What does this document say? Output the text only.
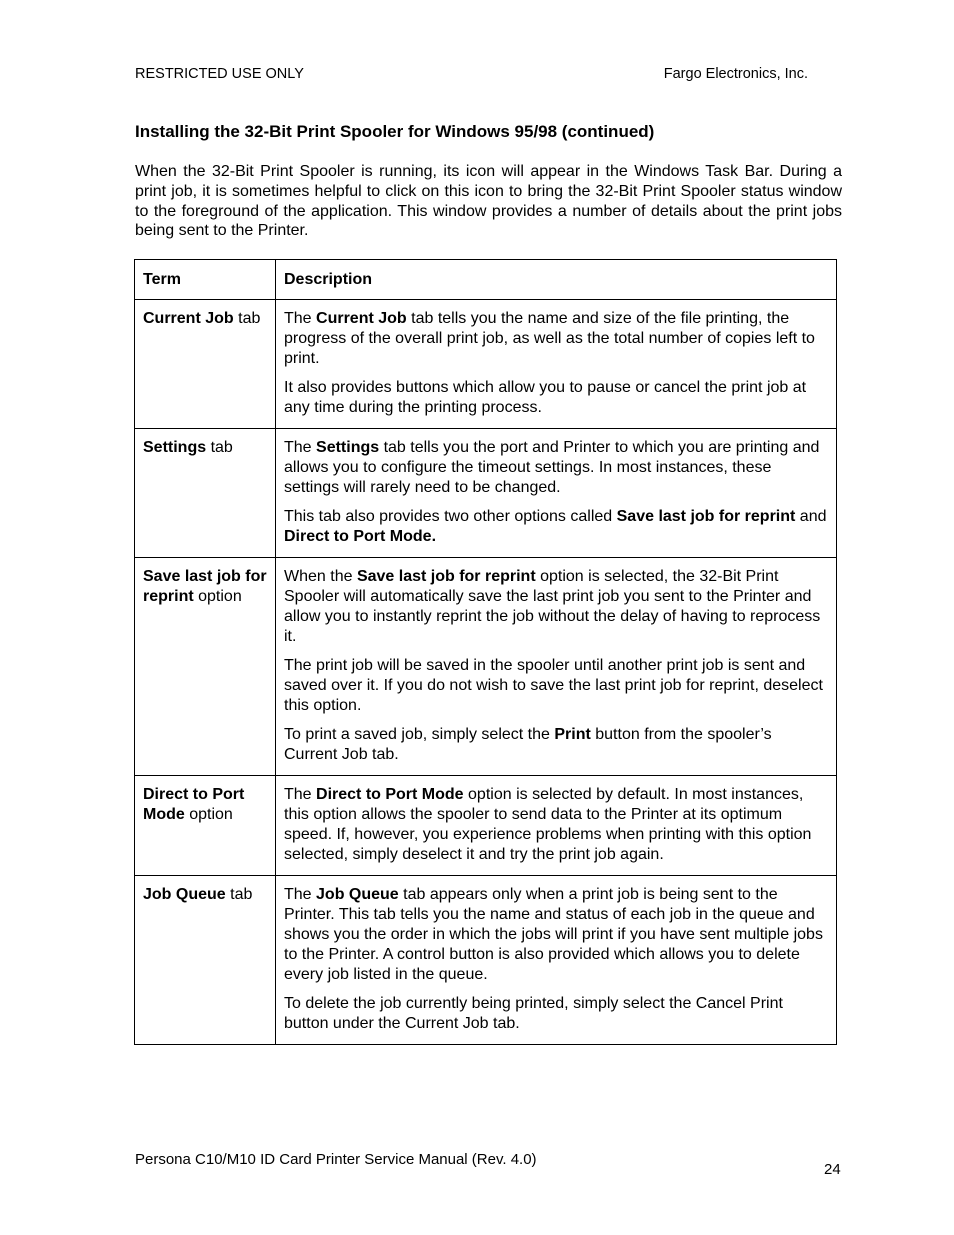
RESTRICTED USE ONLY	Fargo Electronics, Inc.
Installing the 32-Bit Print Spooler for Windows 95/98 (continued)
When the 32-Bit Print Spooler is running, its icon will appear in the Windows Task Bar. During a print job, it is sometimes helpful to click on this icon to bring the 32-Bit Print Spooler status window to the foreground of the application. This window provides a number of details about the print jobs being sent to the Printer.
Term	Description
Current Job tab	The Current Job tab tells you the name and size of the file printing, the progress of the overall print job, as well as the total number of copies left to print.

It also provides buttons which allow you to pause or cancel the print job at any time during the printing process.

Settings tab	The Settings tab tells you the port and Printer to which you are printing and allows you to configure the timeout settings. In most instances, these settings will rarely need to be changed.

This tab also provides two other options called Save last job for reprint and Direct to Port Mode.

Save last job for reprint option	When the Save last job for reprint option is selected, the 32-Bit Print Spooler will automatically save the last print job you sent to the Printer and allow you to instantly reprint the job without the delay of having to reprocess it.

The print job will be saved in the spooler until another print job is sent and saved over it. If you do not wish to save the last print job for reprint, deselect this option.

To print a saved job, simply select the Print button from the spooler’s Current Job tab.

Direct to Port Mode option	The Direct to Port Mode option is selected by default. In most instances, this option allows the spooler to send data to the Printer at its optimum speed. If, however, you experience problems when printing with this option selected, simply deselect it and try the print job again.

Job Queue tab	The Job Queue tab appears only when a print job is being sent to the Printer. This tab tells you the name and status of each job in the queue and shows you the order in which the jobs will print if you have sent multiple jobs to the Printer. A control button is also provided which allows you to delete every job listed in the queue.

To delete the job currently being printed, simply select the Cancel Print button under the Current Job tab.

Persona C10/M10 ID Card Printer Service Manual (Rev. 4.0)
24
